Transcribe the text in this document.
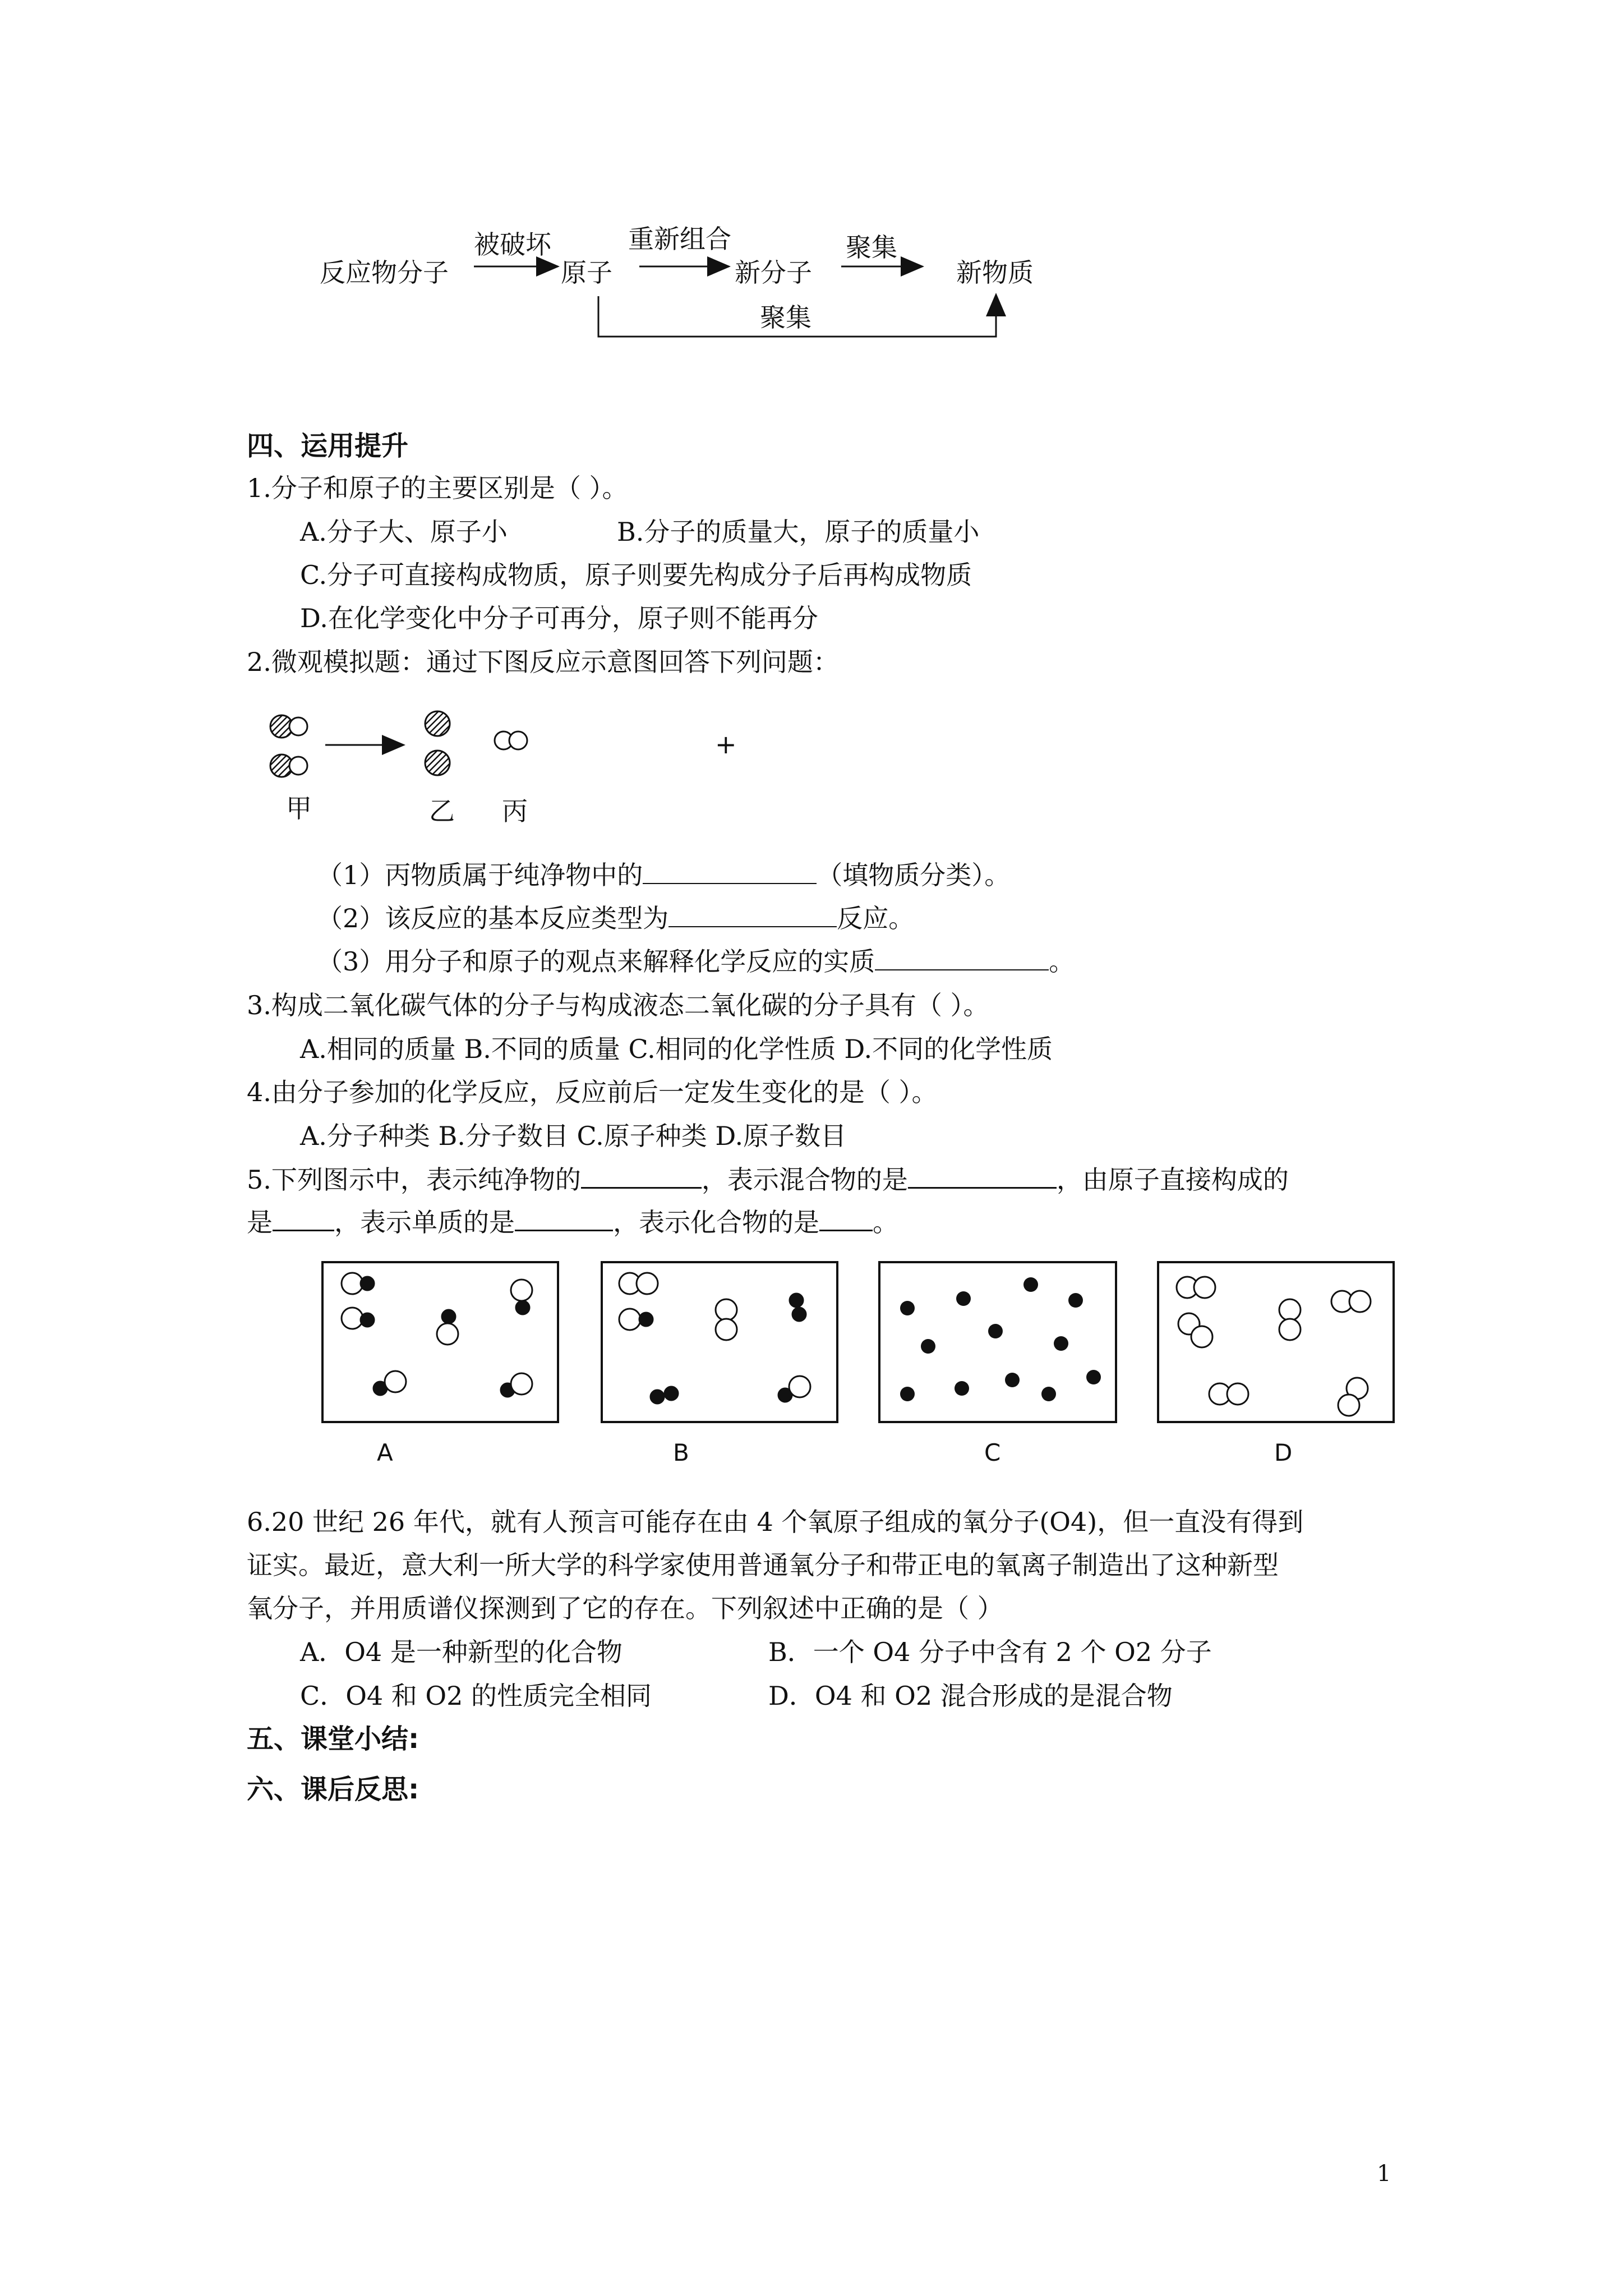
反应物分子
被破坏
原子
重新组合
新分子
聚集
新物质
聚集
四、运用提升
1.分子和原子的主要区别是（ ）。
A.分子大、原子小	B.分子的质量大，原子的质量小
C.分子可直接构成物质，原子则要先构成分子后再构成物质
D.在化学变化中分子可再分，原子则不能再分
2.微观模拟题：通过下图反应示意图回答下列问题：
+
甲	乙 丙
（1）丙物质属于纯净物中的	（填物质分类）。
（2）该反应的基本反应类型为	反应。
（3）用分子和原子的观点来解释化学反应的实质	。
3.构成二氧化碳气体的分子与构成液态二氧化碳的分子具有（ ）。
A.相同的质量 B.不同的质量 C.相同的化学性质 D.不同的化学性质
4.由分子参加的化学反应，反应前后一定发生变化的是（ ）。
A.分子种类 B.分子数目 C.原子种类 D.原子数目
5.下列图示中，表示纯净物的	，表示混合物的是	，由原子直接构成的
是 ，表示单质的是	，表示化合物的是 。
A	B	C	D
6.20 世纪 26 年代，就有人预言可能存在由 4 个氧原子组成的氧分子(O4)，但一直没有得到
证实。最近，意大利一所大学的科学家使用普通氧分子和带正电的氧离子制造出了这种新型
氧分子，并用质谱仪探测到了它的存在。下列叙述中正确的是（ ）
A．O4 是一种新型的化合物	B．一个 O4 分子中含有 2 个 O2 分子
C．O4 和 O2 的性质完全相同	D．O4 和 O2 混合形成的是混合物
五、课堂小结:
六、课后反思:
1
